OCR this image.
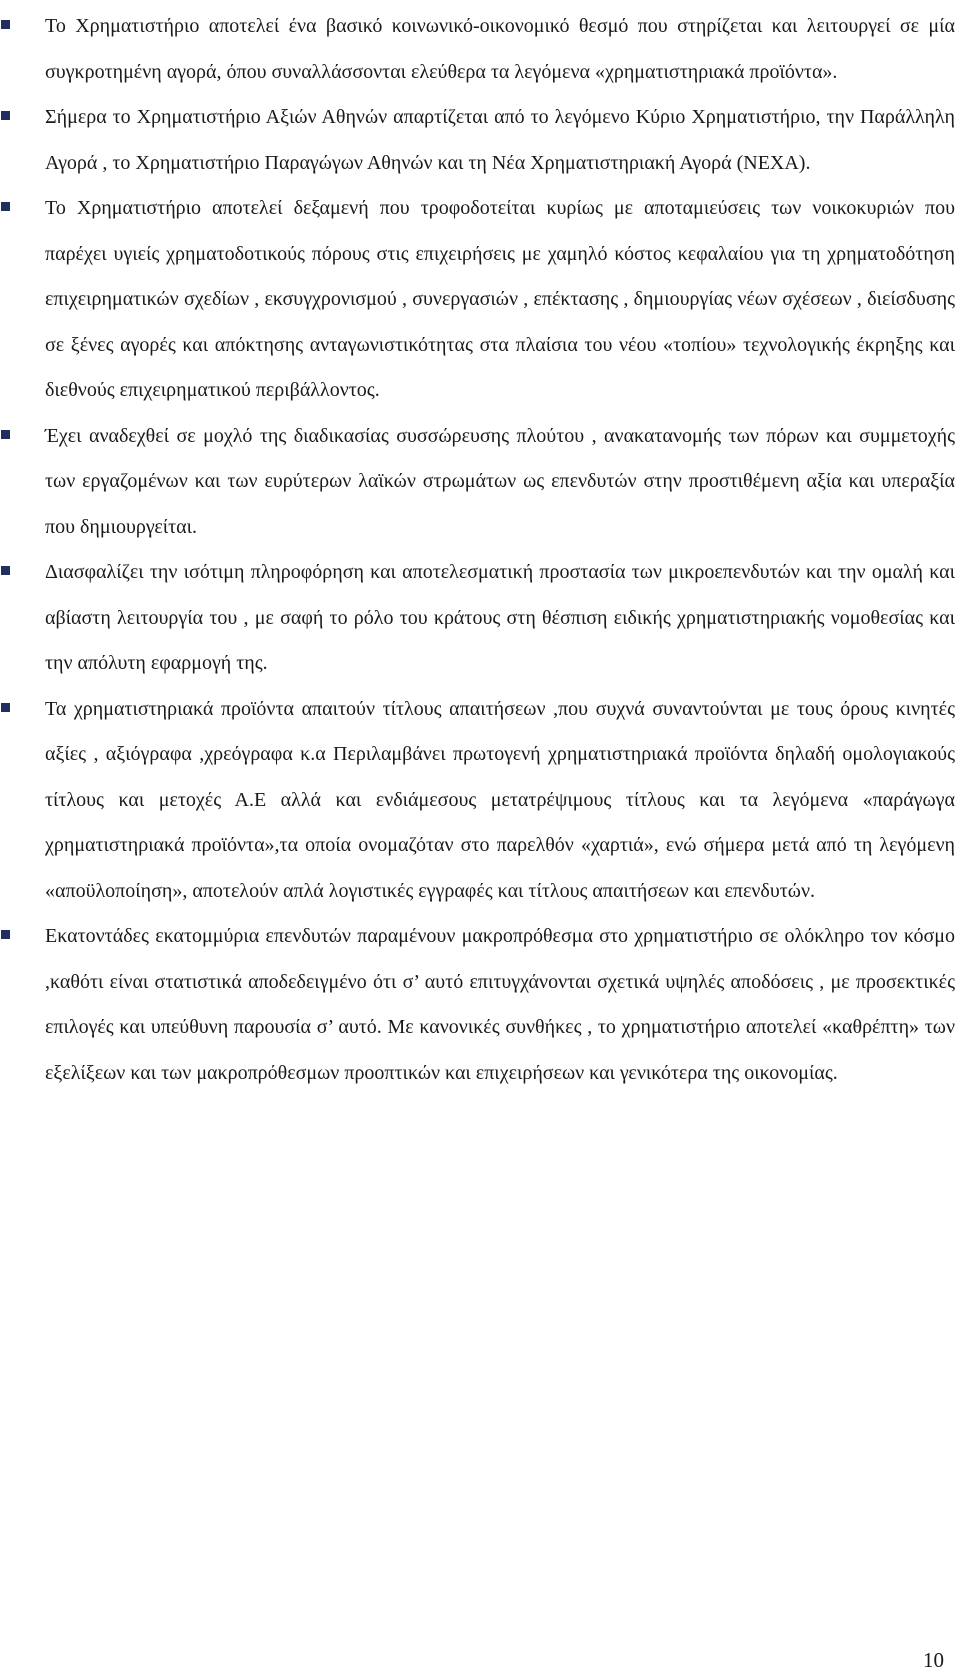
Το Χρηματιστήριο αποτελεί ένα βασικό κοινωνικό-οικονομικό θεσμό που στηρίζεται και λειτουργεί σε μία συγκροτημένη αγορά, όπου συναλλάσσονται ελεύθερα τα λεγόμενα «χρηματιστηριακά προϊόντα».
Σήμερα το Χρηματιστήριο Αξιών Αθηνών απαρτίζεται από το λεγόμενο Κύριο Χρηματιστήριο, την Παράλληλη Αγορά , το Χρηματιστήριο Παραγώγων Αθηνών και τη Νέα Χρηματιστηριακή Αγορά (ΝΕΧΑ).
Το Χρηματιστήριο αποτελεί δεξαμενή που τροφοδοτείται κυρίως με αποταμιεύσεις των νοικοκυριών που παρέχει υγιείς χρηματοδοτικούς πόρους στις επιχειρήσεις με χαμηλό κόστος κεφαλαίου για τη χρηματοδότηση επιχειρηματικών σχεδίων , εκσυγχρονισμού , συνεργασιών , επέκτασης , δημιουργίας νέων σχέσεων , διείσδυσης σε ξένες αγορές και απόκτησης ανταγωνιστικότητας στα πλαίσια του νέου «τοπίου» τεχνολογικής έκρηξης και διεθνούς επιχειρηματικού περιβάλλοντος.
Έχει αναδεχθεί σε μοχλό της διαδικασίας συσσώρευσης πλούτου , ανακατανομής των πόρων και συμμετοχής των εργαζομένων και των ευρύτερων λαϊκών στρωμάτων ως επενδυτών στην προστιθέμενη αξία και υπεραξία που δημιουργείται.
Διασφαλίζει την ισότιμη πληροφόρηση και αποτελεσματική προστασία των μικροεπενδυτών και την ομαλή και αβίαστη λειτουργία του , με σαφή το ρόλο του κράτους στη θέσπιση ειδικής χρηματιστηριακής νομοθεσίας και την απόλυτη εφαρμογή της.
Τα χρηματιστηριακά προϊόντα απαιτούν τίτλους απαιτήσεων ,που συχνά συναντούνται με τους όρους κινητές αξίες , αξιόγραφα ,χρεόγραφα κ.α Περιλαμβάνει πρωτογενή χρηματιστηριακά προϊόντα δηλαδή ομολογιακούς τίτλους και μετοχές Α.Ε αλλά και ενδιάμεσους μετατρέψιμους τίτλους και τα λεγόμενα «παράγωγα χρηματιστηριακά προϊόντα»,τα οποία ονομαζόταν στο παρελθόν «χαρτιά», ενώ σήμερα μετά από τη λεγόμενη «αποϋλοποίηση», αποτελούν απλά λογιστικές εγγραφές και τίτλους απαιτήσεων και επενδυτών.
Εκατοντάδες εκατομμύρια επενδυτών παραμένουν μακροπρόθεσμα στο χρηματιστήριο σε ολόκληρο τον κόσμο ,καθότι είναι στατιστικά αποδεδειγμένο ότι σ’ αυτό επιτυγχάνονται σχετικά υψηλές αποδόσεις , με προσεκτικές επιλογές και υπεύθυνη παρουσία σ’ αυτό. Με κανονικές συνθήκες , το χρηματιστήριο αποτελεί «καθρέπτη» των εξελίξεων και των μακροπρόθεσμων προοπτικών και επιχειρήσεων και γενικότερα της οικονομίας.
10
